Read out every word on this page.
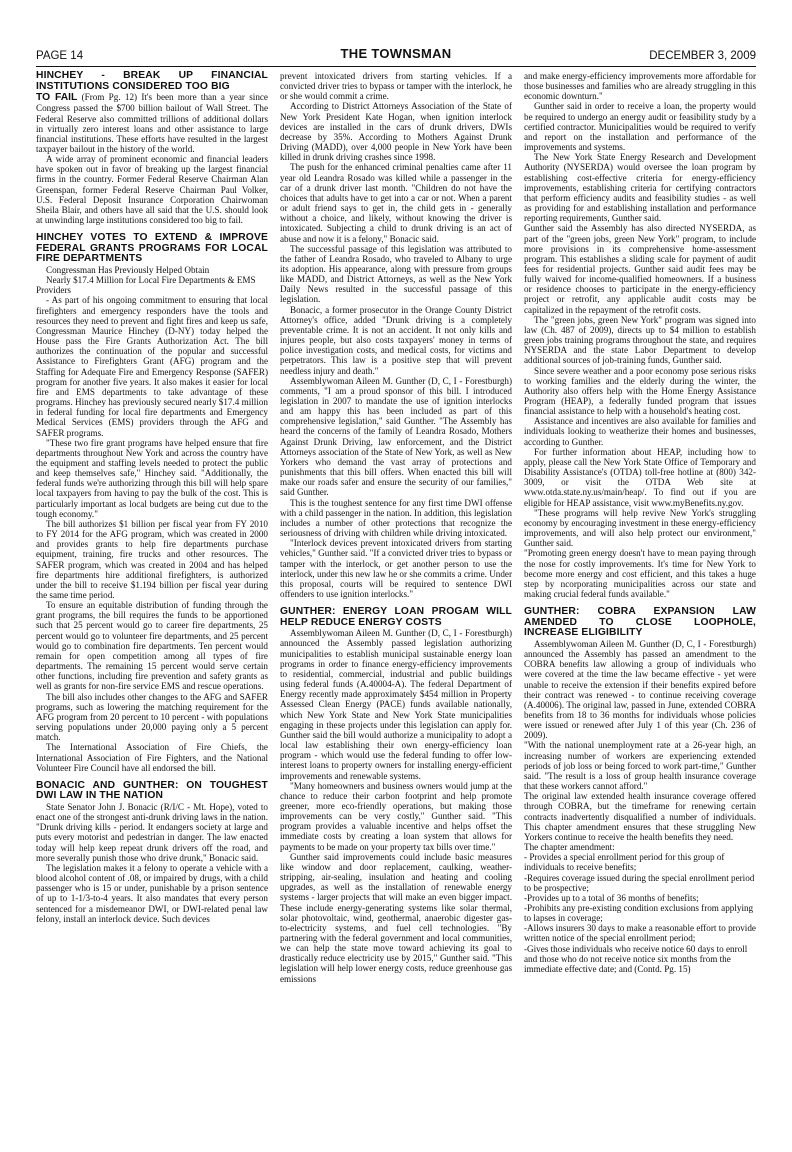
PAGE 14	THE TOWNSMAN	DECEMBER 3, 2009
HINCHEY - BREAK UP FINANCIAL INSTITUTIONS CONSIDERED TOO BIG

TO FAIL (From Pg. 12) It's been more than a year since Congress passed the $700 billion bailout of Wall Street. The Federal Reserve also committed trillions of additional dollars in virtually zero interest loans and other assistance to large financial institutions. These efforts have resulted in the largest taxpayer bailout in the history of the world.

A wide array of prominent economic and financial leaders have spoken out in favor of breaking up the largest financial firms in the country. Former Federal Reserve Chairman Alan Greenspan, former Federal Reserve Chairman Paul Volker, U.S. Federal Deposit Insurance Corporation Chairwoman Sheila Blair, and others have all said that the U.S. should look at unwinding large institutions considered too big to fail.

HINCHEY VOTES TO EXTEND & IMPROVE FEDERAL GRANTS PROGRAMS FOR LOCAL FIRE DEPARTMENTS

Congressman Has Previously Helped Obtain

Nearly $17.4 Million for Local Fire Departments & EMS Providers

- As part of his ongoing commitment to ensuring that local firefighters and emergency responders have the tools and resources they need to prevent and fight fires and keep us safe, Congressman Maurice Hinchey (D-NY) today helped the House pass the Fire Grants Authorization Act. The bill authorizes the continuation of the popular and successful Assistance to Firefighters Grant (AFG) program and the Staffing for Adequate Fire and Emergency Response (SAFER) program for another five years. It also makes it easier for local fire and EMS departments to take advantage of these programs. Hinchey has previously secured nearly $17.4 million in federal funding for local fire departments and Emergency Medical Services (EMS) providers through the AFG and SAFER programs.

"These two fire grant programs have helped ensure that fire departments throughout New York and across the country have the equipment and staffing levels needed to protect the public and keep themselves safe," Hinchey said. "Additionally, the federal funds we're authorizing through this bill will help spare local taxpayers from having to pay the bulk of the cost. This is particularly important as local budgets are being cut due to the tough economy."

The bill authorizes $1 billion per fiscal year from FY 2010 to FY 2014 for the AFG program, which was created in 2000 and provides grants to help fire departments purchase equipment, training, fire trucks and other resources. The SAFER program, which was created in 2004 and has helped fire departments hire additional firefighters, is authorized under the bill to receive $1.194 billion per fiscal year during the same time period.

To ensure an equitable distribution of funding through the grant programs, the bill requires the funds to be apportioned such that 25 percent would go to career fire departments, 25 percent would go to volunteer fire departments, and 25 percent would go to combination fire departments. Ten percent would remain for open competition among all types of fire departments. The remaining 15 percent would serve certain other functions, including fire prevention and safety grants as well as grants for non-fire service EMS and rescue operations.

The bill also includes other changes to the AFG and SAFER programs, such as lowering the matching requirement for the AFG program from 20 percent to 10 percent - with populations serving populations under 20,000 paying only a 5 percent match.

The International Association of Fire Chiefs, the International Association of Fire Fighters, and the National Volunteer Fire Council have all endorsed the bill.

BONACIC AND GUNTHER: ON TOUGHEST DWI LAW IN THE NATION

State Senator John J. Bonacic (R/I/C - Mt. Hope), voted to enact one of the strongest anti-drunk driving laws in the nation. "Drunk driving kills - period. It endangers society at large and puts every motorist and pedestrian in danger. The law enacted today will help keep repeat drunk drivers off the road, and more severally punish those who drive drunk," Bonacic said.

The legislation makes it a felony to operate a vehicle with a blood alcohol content of .08, or impaired by drugs, with a child passenger who is 15 or under, punishable by a prison sentence of up to 1-1/3-to-4 years. It also mandates that every person sentenced for a misdemeanor DWI, or DWI-related penal law felony, install an interlock device. Such devices

prevent intoxicated drivers from starting vehicles. If a convicted driver tries to bypass or tamper with the interlock, he or she would commit a crime.

According to District Attorneys Association of the State of New York President Kate Hogan, when ignition interlock devices are installed in the cars of drunk drivers, DWIs decrease by 35%. According to Mothers Against Drunk Driving (MADD), over 4,000 people in New York have been killed in drunk driving crashes since 1998.

The push for the enhanced criminal penalties came after 11 year old Leandra Rosado was killed while a passenger in the car of a drunk driver last month. "Children do not have the choices that adults have to get into a car or not. When a parent or adult friend says to get in, the child gets in - generally without a choice, and likely, without knowing the driver is intoxicated. Subjecting a child to drunk driving is an act of abuse and now it is a felony," Bonacic said.

The successful passage of this legislation was attributed to the father of Leandra Rosado, who traveled to Albany to urge its adoption. His appearance, along with pressure from groups like MADD, and District Attorneys, as well as the New York Daily News resulted in the successful passage of this legislation.

Bonacic, a former prosecutor in the Orange County District Attorney's office, added "Drunk driving is a completely preventable crime. It is not an accident. It not only kills and injures people, but also costs taxpayers' money in terms of police investigation costs, and medical costs, for victims and perpetrators. This law is a positive step that will prevent needless injury and death."

Assemblywoman Aileen M. Gunther (D, C, I - Forestburgh) comments, "I am a proud sponsor of this bill. I introduced legislation in 2007 to mandate the use of ignition interlocks and am happy this has been included as part of this comprehensive legislation," said Gunther. "The Assembly has heard the concerns of the family of Leandra Rosado, Mothers Against Drunk Driving, law enforcement, and the District Attorneys association of the State of New York, as well as New Yorkers who demand the vast array of protections and punishments that this bill offers. When enacted this bill will make our roads safer and ensure the security of our families," said Gunther.

This is the toughest sentence for any first time DWI offense with a child passenger in the nation. In addition, this legislation includes a number of other protections that recognize the seriousness of driving with children while driving intoxicated.

"Interlock devices prevent intoxicated drivers from starting vehicles," Gunther said. "If a convicted driver tries to bypass or tamper with the interlock, or get another person to use the interlock, under this new law he or she commits a crime. Under this proposal, courts will be required to sentence DWI offenders to use ignition interlocks."

GUNTHER: ENERGY LOAN PROGAM WILL HELP REDUCE ENERGY COSTS

Assemblywoman Aileen M. Gunther (D, C, I - Forestburgh) announced the Assembly passed legislation authorizing municipalities to establish municipal sustainable energy loan programs in order to finance energy-efficiency improvements to residential, commercial, industrial and public buildings using federal funds (A.40004-A). The federal Department of Energy recently made approximately $454 million in Property Assessed Clean Energy (PACE) funds available nationally, which New York State and New York State municipalities engaging in these projects under this legislation can apply for. Gunther said the bill would authorize a municipality to adopt a local law establishing their own energy-efficiency loan program - which would use the federal funding to offer low-interest loans to property owners for installing energy-efficient improvements and renewable systems.

"Many homeowners and business owners would jump at the chance to reduce their carbon footprint and help promote greener, more eco-friendly operations, but making those improvements can be very costly," Gunther said. "This program provides a valuable incentive and helps offset the immediate costs by creating a loan system that allows for payments to be made on your property tax bills over time."

Gunther said improvements could include basic measures like window and door replacement, caulking, weather-stripping, air-sealing, insulation and heating and cooling upgrades, as well as the installation of renewable energy systems - larger projects that will make an even bigger impact. These include energy-generating systems like solar thermal, solar photovoltaic, wind, geothermal, anaerobic digester gas-to-electricity systems, and fuel cell technologies. "By partnering with the federal government and local communities, we can help the state move toward achieving its goal to drastically reduce electricity use by 2015," Gunther said. "This legislation will help lower energy costs, reduce greenhouse gas emissions

and make energy-efficiency improvements more affordable for those businesses and families who are already struggling in this economic downturn."

Gunther said in order to receive a loan, the property would be required to undergo an energy audit or feasibility study by a certified contractor. Municipalities would be required to verify and report on the installation and performance of the improvements and systems.

The New York State Energy Research and Development Authority (NYSERDA) would oversee the loan program by establishing cost-effective criteria for energy-efficiency improvements, establishing criteria for certifying contractors that perform efficiency audits and feasibility studies - as well as providing for and establishing installation and performance reporting requirements, Gunther said.

Gunther said the Assembly has also directed NYSERDA, as part of the "green jobs, green New York" program, to include more provisions in its comprehensive home-assessment program. This establishes a sliding scale for payment of audit fees for residential projects. Gunther said audit fees may be fully waived for income-qualified homeowners. If a business or residence chooses to participate in the energy-efficiency project or retrofit, any applicable audit costs may be capitalized in the repayment of the retrofit costs.

The "green jobs, green New York" program was signed into law (Ch. 487 of 2009), directs up to $4 million to establish green jobs training programs throughout the state, and requires NYSERDA and the state Labor Department to develop additional sources of job-training funds, Gunther said.

Since severe weather and a poor economy pose serious risks to working families and the elderly during the winter, the Authority also offers help with the Home Energy Assistance Program (HEAP), a federally funded program that issues financial assistance to help with a household's heating cost.

Assistance and incentives are also available for families and individuals looking to weatherize their homes and businesses, according to Gunther.

For further information about HEAP, including how to apply, please call the New York State Office of Temporary and Disability Assistance's (OTDA) toll-free hotline at (800) 342-3009, or visit the OTDA Web site at www.otda.state.ny.us/main/heap/. To find out if you are eligible for HEAP assistance, visit www.myBenefits.ny.gov.

"These programs will help revive New York's struggling economy by encouraging investment in these energy-efficiency improvements, and will also help protect our environment," Gunther said.

"Promoting green energy doesn't have to mean paying through the nose for costly improvements. It's time for New York to become more energy and cost efficient, and this takes a huge step by ncorporating municipalities across our state and making crucial federal funds available."

GUNTHER: COBRA EXPANSION LAW AMENDED TO CLOSE LOOPHOLE, INCREASE ELIGIBILITY

Assemblywoman Aileen M. Gunther (D, C, I - Forestburgh) announced the Assembly has passed an amendment to the COBRA benefits law allowing a group of individuals who were covered at the time the law became effective - yet were unable to receive the extension if their benefits expired before their contract was renewed - to continue receiving coverage (A.40006). The original law, passed in June, extended COBRA benefits from 18 to 36 months for individuals whose policies were issued or renewed after July 1 of this year (Ch. 236 of 2009).

"With the national unemployment rate at a 26-year high, an increasing number of workers are experiencing extended periods of job loss or being forced to work part-time," Gunther said. "The result is a loss of group health insurance coverage that these workers cannot afford."

The original law extended health insurance coverage offered through COBRA, but the timeframe for renewing certain contracts inadvertently disqualified a number of individuals. This chapter amendment ensures that these struggling New Yorkers continue to receive the health benefits they need.

The chapter amendment:

- Provides a special enrollment period for this group of individuals to receive benefits;

-Requires coverage issued during the special enrollment period to be prospective;

-Provides up to a total of 36 months of benefits;

-Prohibits any pre-existing condition exclusions from applying to lapses in coverage;

-Allows insurers 30 days to make a reasonable effort to provide written notice of the special enrollment period;

-Gives those individuals who receive notice 60 days to enroll and those who do not receive notice six months from the immediate effective date; and (Contd. Pg. 15)
